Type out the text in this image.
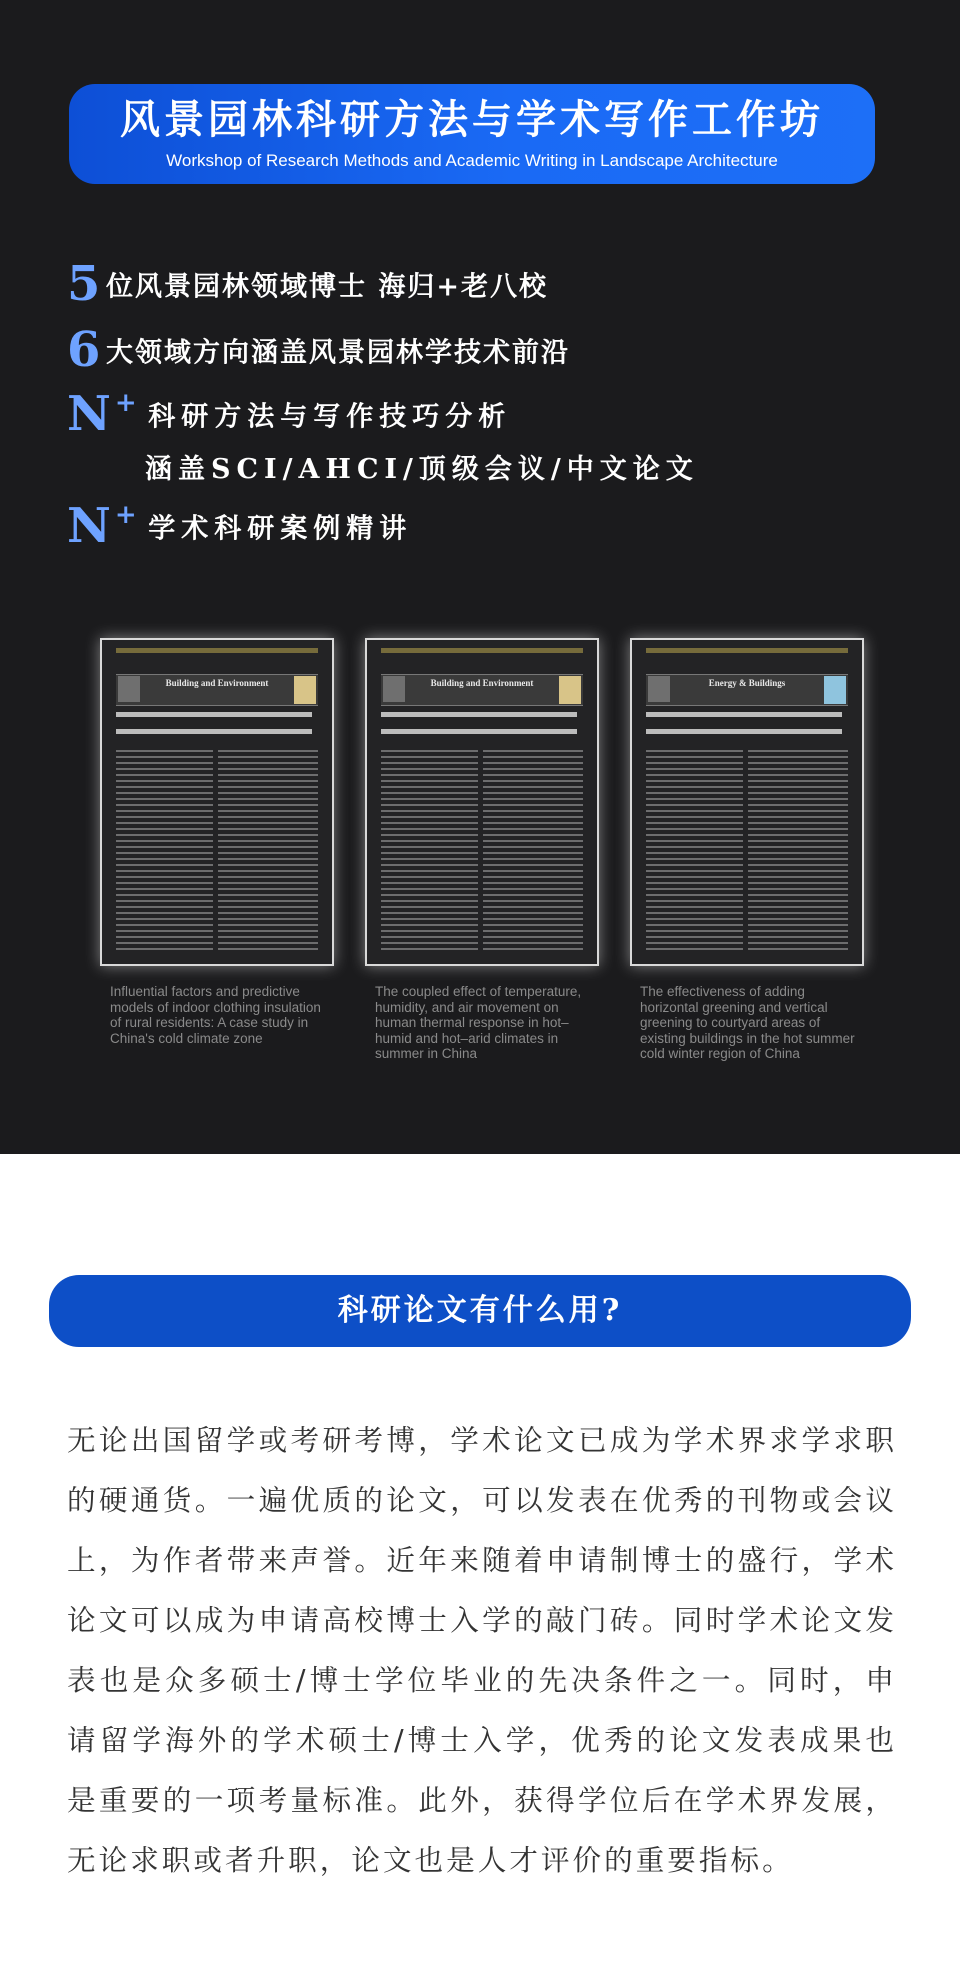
风景园林科研方法与学术写作工作坊
Workshop of Research Methods and Academic Writing in Landscape Architecture
5 位风景园林领域博士 海归+老八校
6 大领域方向涵盖风景园林学技术前沿
N + 科研方法与写作技巧分析
涵盖SCI/AHCI/顶级会议/中文论文
N + 学术科研案例精讲
Building and Environment
Influential factors and predictive models of indoor clothing insulation of rural residents: A case study in China's cold climate zone
Building and Environment
The coupled effect of temperature, humidity, and air movement on human thermal response in hot–humid and hot–arid climates in summer in China
Energy & Buildings
The effectiveness of adding horizontal greening and vertical greening to courtyard areas of existing buildings in the hot summer cold winter region of China
科研论文有什么用?
无论出国留学或考研考博，学术论文已成为学术界求学求职的硬通货。一遍优质的论文，可以发表在优秀的刊物或会议上，为作者带来声誉。近年来随着申请制博士的盛行，学术论文可以成为申请高校博士入学的敲门砖。同时学术论文发表也是众多硕士/博士学位毕业的先决条件之一。同时，申请留学海外的学术硕士/博士入学，优秀的论文发表成果也是重要的一项考量标准。此外，获得学位后在学术界发展，无论求职或者升职，论文也是人才评价的重要指标。
